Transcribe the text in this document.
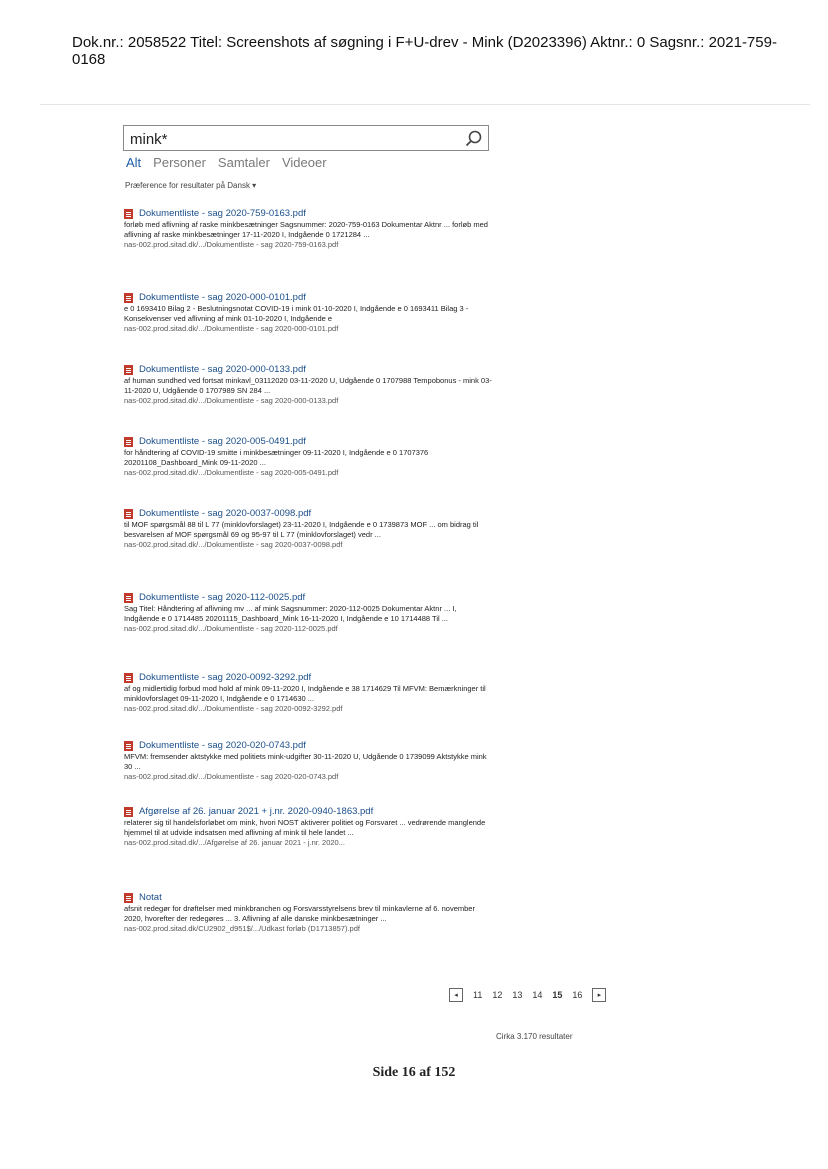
Dok.nr.: 2058522 Titel: Screenshots af søgning i F+U-drev - Mink (D2023396) Aktnr.: 0 Sagsnr.: 2021-759-0168
mink*
Alt Personer Samtaler Videoer
Præference for resultater på Dansk ▾
Dokumentliste - sag 2020-759-0163.pdf
forløb med aflivning af raske minkbesætninger Sagsnummer: 2020-759-0163 Dokumentar Aktnr ... forløb med aflivning af raske minkbesætninger 17-11-2020 I, Indgående 0 1721284 ...
nas-002.prod.sitad.dk/.../Dokumentliste - sag 2020-759-0163.pdf
Dokumentliste - sag 2020-000-0101.pdf
e 0 1693410 Bilag 2 - Beslutningsnotat COVID-19 i mink 01-10-2020 I, Indgående e 0 1693411 Bilag 3 - Konsekvenser ved aflivning af mink 01-10-2020 I, Indgående e
nas-002.prod.sitad.dk/.../Dokumentliste - sag 2020-000-0101.pdf
Dokumentliste - sag 2020-000-0133.pdf
af human sundhed ved fortsat minkavl_03112020 03-11-2020 U, Udgående 0 1707988 Tempobonus - mink 03-11-2020 U, Udgående 0 1707989 SN 284 ...
nas-002.prod.sitad.dk/.../Dokumentliste - sag 2020-000-0133.pdf
Dokumentliste - sag 2020-005-0491.pdf
for håndtering af COVID-19 smitte i minkbesætninger 09-11-2020 I, Indgående e 0 1707376 20201108_Dashboard_Mink 09-11-2020 ...
nas-002.prod.sitad.dk/.../Dokumentliste - sag 2020-005-0491.pdf
Dokumentliste - sag 2020-0037-0098.pdf
til MOF spørgsmål 88 til L 77 (minklovforslaget) 23-11-2020 I, Indgående e 0 1739873 MOF ... om bidrag til besvarelsen af MOF spørgsmål 69 og 95-97 til L 77 (minklovforslaget) vedr ...
nas-002.prod.sitad.dk/.../Dokumentliste - sag 2020-0037-0098.pdf
Dokumentliste - sag 2020-112-0025.pdf
Sag Titel: Håndtering af aflivning mv ... af mink Sagsnummer: 2020-112-0025 Dokumentar Aktnr ... I, Indgående e 0 1714485 20201115_Dashboard_Mink 16-11-2020 I, Indgående e 10 1714488 Til ...
nas-002.prod.sitad.dk/.../Dokumentliste - sag 2020-112-0025.pdf
Dokumentliste - sag 2020-0092-3292.pdf
af og midlertidig forbud mod hold af mink 09-11-2020 I, Indgående e 38 1714629 Til MFVM: Bemærkninger til minklovforslaget 09-11-2020 I, Indgående e 0 1714630 ...
nas-002.prod.sitad.dk/.../Dokumentliste - sag 2020-0092-3292.pdf
Dokumentliste - sag 2020-020-0743.pdf
MFVM: fremsender aktstykke med politiets mink-udgifter 30-11-2020 U, Udgående 0 1739099 Aktstykke mink 30 ...
nas-002.prod.sitad.dk/.../Dokumentliste - sag 2020-020-0743.pdf
Afgørelse af 26. januar 2021 + j.nr. 2020-0940-1863.pdf
relaterer sig til handelsforløbet om mink, hvori NOST aktiverer politiet og Forsvaret ... vedrørende manglende hjemmel til at udvide indsatsen med aflivning af mink til hele landet ...
nas-002.prod.sitad.dk/.../Afgørelse af 26. januar 2021 - j.nr. 2020...
Notat
afsnit redegør for drøftelser med minkbranchen og Forsvarsstyrelsens brev til minkavlerne af 6. november 2020, hvorefter der redegøres ... 3. Aflivning af alle danske minkbesætninger ...
nas-002.prod.sitad.dk/CU2902_d951$/.../Udkast forløb (D1713857).pdf
◂	11 12 13 14 15 16	▸
Cirka 3.170 resultater
Side 16 af 152
